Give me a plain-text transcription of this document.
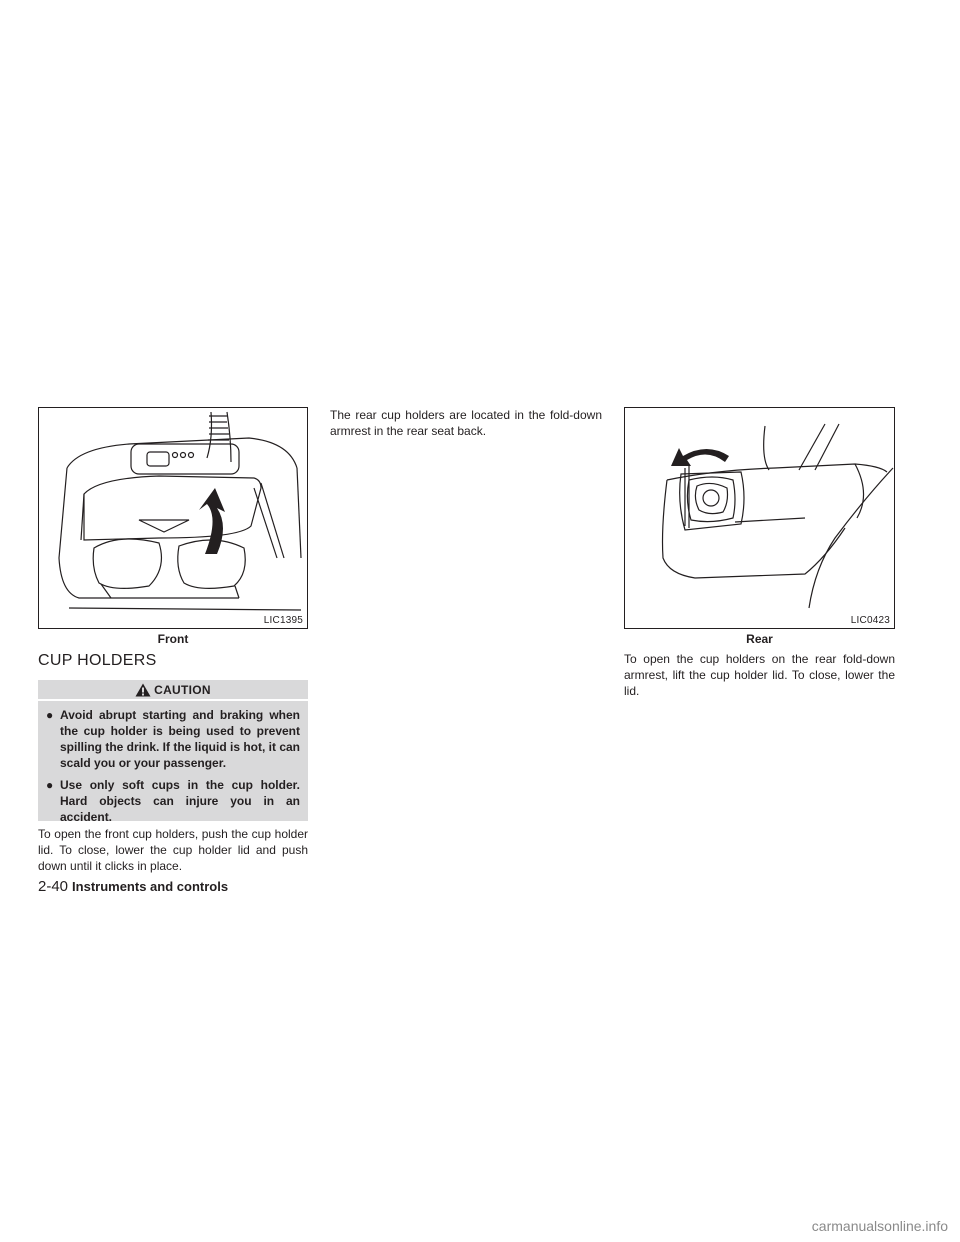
LIC1395
Front
LIC0423
Rear
CUP HOLDERS
CAUTION
● Avoid abrupt starting and braking when the cup holder is being used to prevent spilling the drink. If the liquid is hot, it can scald you or your passenger.
● Use only soft cups in the cup holder. Hard objects can injure you in an accident.

To open the front cup holders, push the cup holder lid. To close, lower the cup holder lid and push down until it clicks in place.

The rear cup holders are located in the fold-down armrest in the rear seat back.

To open the cup holders on the rear fold-down armrest, lift the cup holder lid. To close, lower the lid.

2-40 Instruments and controls
carmanualsonline.info
